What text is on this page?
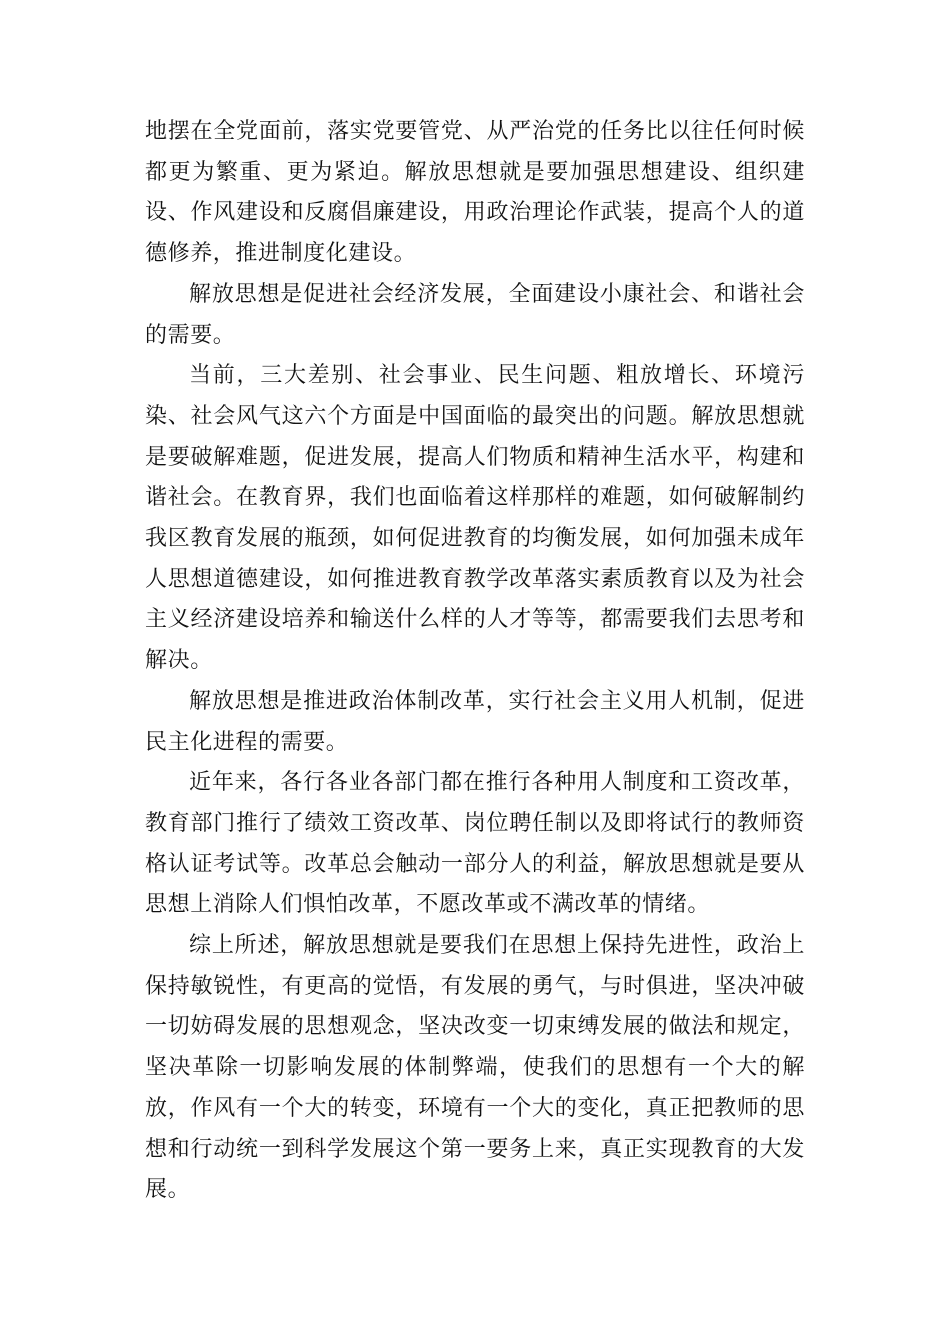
地摆在全党面前，落实党要管党、从严治党的任务比以往任何时候都更为繁重、更为紧迫。解放思想就是要加强思想建设、组织建设、作风建设和反腐倡廉建设，用政治理论作武装，提高个人的道德修养，推进制度化建设。

解放思想是促进社会经济发展，全面建设小康社会、和谐社会的需要。

当前，三大差别、社会事业、民生问题、粗放增长、环境污染、社会风气这六个方面是中国面临的最突出的问题。解放思想就是要破解难题，促进发展，提高人们物质和精神生活水平，构建和谐社会。在教育界，我们也面临着这样那样的难题，如何破解制约我区教育发展的瓶颈，如何促进教育的均衡发展，如何加强未成年人思想道德建设，如何推进教育教学改革落实素质教育以及为社会主义经济建设培养和输送什么样的人才等等，都需要我们去思考和解决。

解放思想是推进政治体制改革，实行社会主义用人机制，促进民主化进程的需要。

近年来，各行各业各部门都在推行各种用人制度和工资改革，教育部门推行了绩效工资改革、岗位聘任制以及即将试行的教师资格认证考试等。改革总会触动一部分人的利益，解放思想就是要从思想上消除人们惧怕改革，不愿改革或不满改革的情绪。

综上所述，解放思想就是要我们在思想上保持先进性，政治上保持敏锐性，有更高的觉悟，有发展的勇气，与时俱进，坚决冲破一切妨碍发展的思想观念，坚决改变一切束缚发展的做法和规定，坚决革除一切影响发展的体制弊端，使我们的思想有一个大的解放，作风有一个大的转变，环境有一个大的变化，真正把教师的思想和行动统一到科学发展这个第一要务上来，真正实现教育的大发展。
